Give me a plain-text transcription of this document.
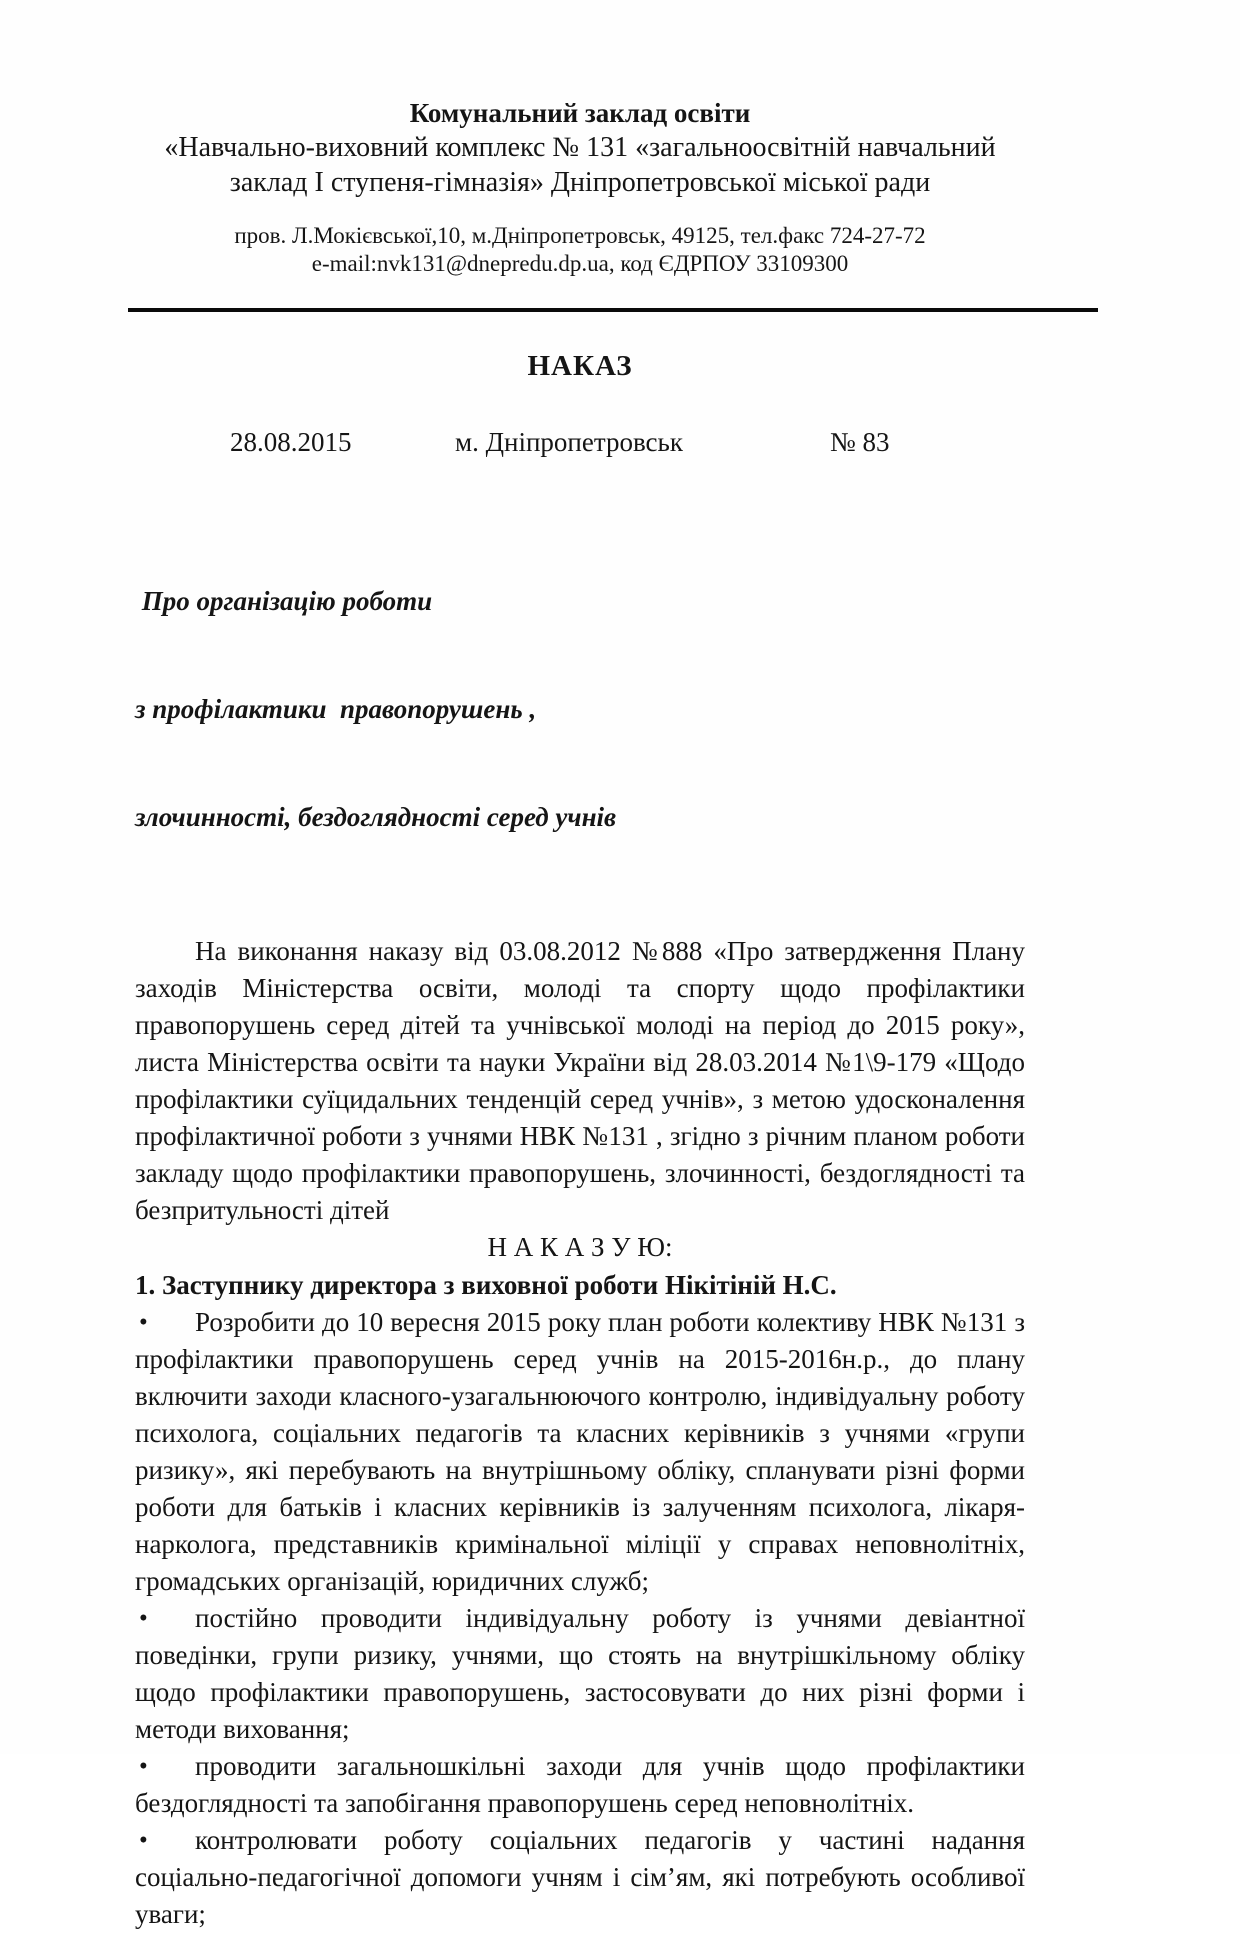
Комунальний заклад освіти
«Навчально-виховний комплекс № 131 «загальноосвітній навчальний
заклад І ступеня-гімназія» Дніпропетровської міської ради
пров. Л.Мокієвської,10, м.Дніпропетровськ, 49125, тел.факс 724-27-72
e-mail:nvk131@dnepredu.dp.ua, код ЄДРПОУ 33109300
НАКАЗ
28.08.2015	м. Дніпропетровськ	№ 83

Про організацію роботи

з профілактики  правопорушень ,

злочинності, бездоглядності серед учнів

На виконання наказу від 03.08.2012 №888 «Про затвердження Плану заходів Міністерства освіти, молоді та спорту щодо профілактики правопорушень серед дітей та учнівської молоді на період до 2015 року», листа Міністерства освіти та науки України від 28.03.2014 №1\9-179 «Щодо профілактики суїцидальних тенденцій серед учнів», з метою удосконалення профілактичної роботи з учнями НВК №131 , згідно з річним планом роботи закладу щодо профілактики правопорушень, злочинності, бездоглядності та безпритульності дітей

Н А К А З У Ю:
1. Заступнику директора з виховної роботи Нікітіній Н.С.
•	Розробити до 10 вересня 2015 року план роботи колективу НВК №131 з профілактики правопорушень серед учнів на 2015-2016н.р., до плану включити заходи класного-узагальнюючого контролю, індивідуальну роботу психолога, соціальних педагогів та класних керівників з учнями «групи ризику», які перебувають на внутрішньому обліку, спланувати різні форми роботи для батьків і класних керівників із залученням психолога, лікаря-нарколога, представників кримінальної міліції у справах неповнолітніх, громадських організацій, юридичних служб;

•	постійно проводити індивідуальну роботу із учнями девіантної поведінки, групи ризику, учнями, що стоять на внутрішкільному обліку щодо профілактики правопорушень, застосовувати до них різні форми і методи виховання;

•	проводити загальношкільні заходи для учнів щодо профілактики бездоглядності та запобігання правопорушень серед неповнолітніх.

•	контролювати роботу соціальних педагогів у частині надання соціально-педагогічної допомоги учням і сім’ям, які потребують особливої уваги;
